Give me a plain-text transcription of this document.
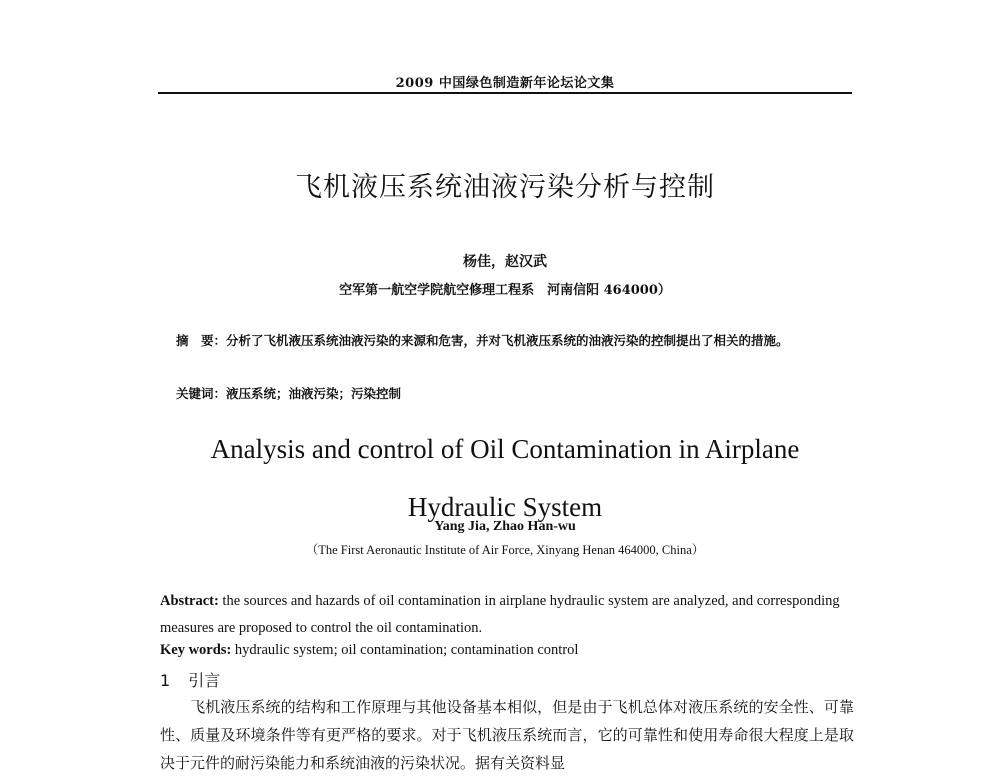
2009 中国绿色制造新年论坛论文集
飞机液压系统油液污染分析与控制
杨佳，赵汉武
空军第一航空学院航空修理工程系　河南信阳 464000）
摘　要：分析了飞机液压系统油液污染的来源和危害，并对飞机液压系统的油液污染的控制提出了相关的措施。
关键词：液压系统；油液污染；污染控制
Analysis and control of Oil Contamination in Airplane
Hydraulic System
Yang Jia, Zhao Han-wu
（The First Aeronautic Institute of Air Force, Xinyang Henan 464000, China）
Abstract: the sources and hazards of oil contamination in airplane hydraulic system are analyzed, and corresponding measures are proposed to control the oil contamination.
Key words: hydraulic system; oil contamination; contamination control
1 引言
飞机液压系统的结构和工作原理与其他设备基本相似，但是由于飞机总体对液压系统的安全性、可靠性、质量及环境条件等有更严格的要求。对于飞机液压系统而言，它的可靠性和使用寿命很大程度上是取决于元件的耐污染能力和系统油液的污染状况。据有关资料显
